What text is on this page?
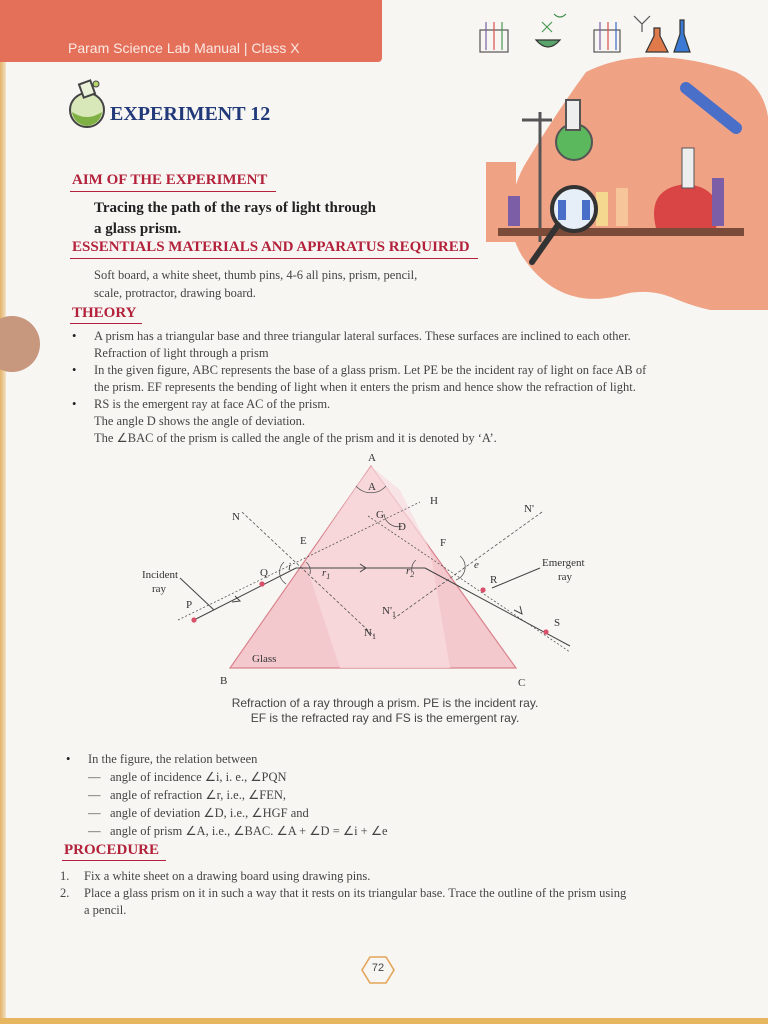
Param Science Lab Manual | Class X
EXPERIMENT 12
AIM OF THE EXPERIMENT
Tracing the path of the rays of light through
a glass prism.
ESSENTIALS MATERIALS AND APPARATUS REQUIRED
Soft board, a white sheet, thumb pins, 4-6 all pins, prism, pencil,
scale, protractor, drawing board.
THEORY
• A prism has a triangular base and three triangular lateral surfaces. These surfaces are inclined to each other.
Refraction of light through a prism
• In the given figure, ABC represents the base of a glass prism. Let PE be the incident ray of light on face AB of
the prism. EF represents the bending of light when it enters the prism and hence show the refraction of light.
• RS is the emergent ray at face AC of the prism.
The angle D shows the angle of deviation.
The ∠BAC of the prism is called the angle of the prism and it is denoted by ‘A’.
A
A
B	C
H
G
D
E	F
N
N'
$N_1$
$N'_1$
i	e
$r_1$	$r_2$
Q
R
P
S
Incident
ray
Emergent
ray
Glass
Refraction of a ray through a prism. PE is the incident ray.
EF is the refracted ray and FS is the emergent ray.
• In the figure, the relation between
— angle of incidence ∠i, i. e., ∠PQN
— angle of refraction ∠r, i.e., ∠FEN,
— angle of deviation ∠D, i.e., ∠HGF and
— angle of prism ∠A, i.e., ∠BAC. ∠A + ∠D = ∠i + ∠e
PROCEDURE
1. Fix a white sheet on a drawing board using drawing pins.
2. Place a glass prism on it in such a way that it rests on its triangular base. Trace the outline of the prism using
a pencil.
72
